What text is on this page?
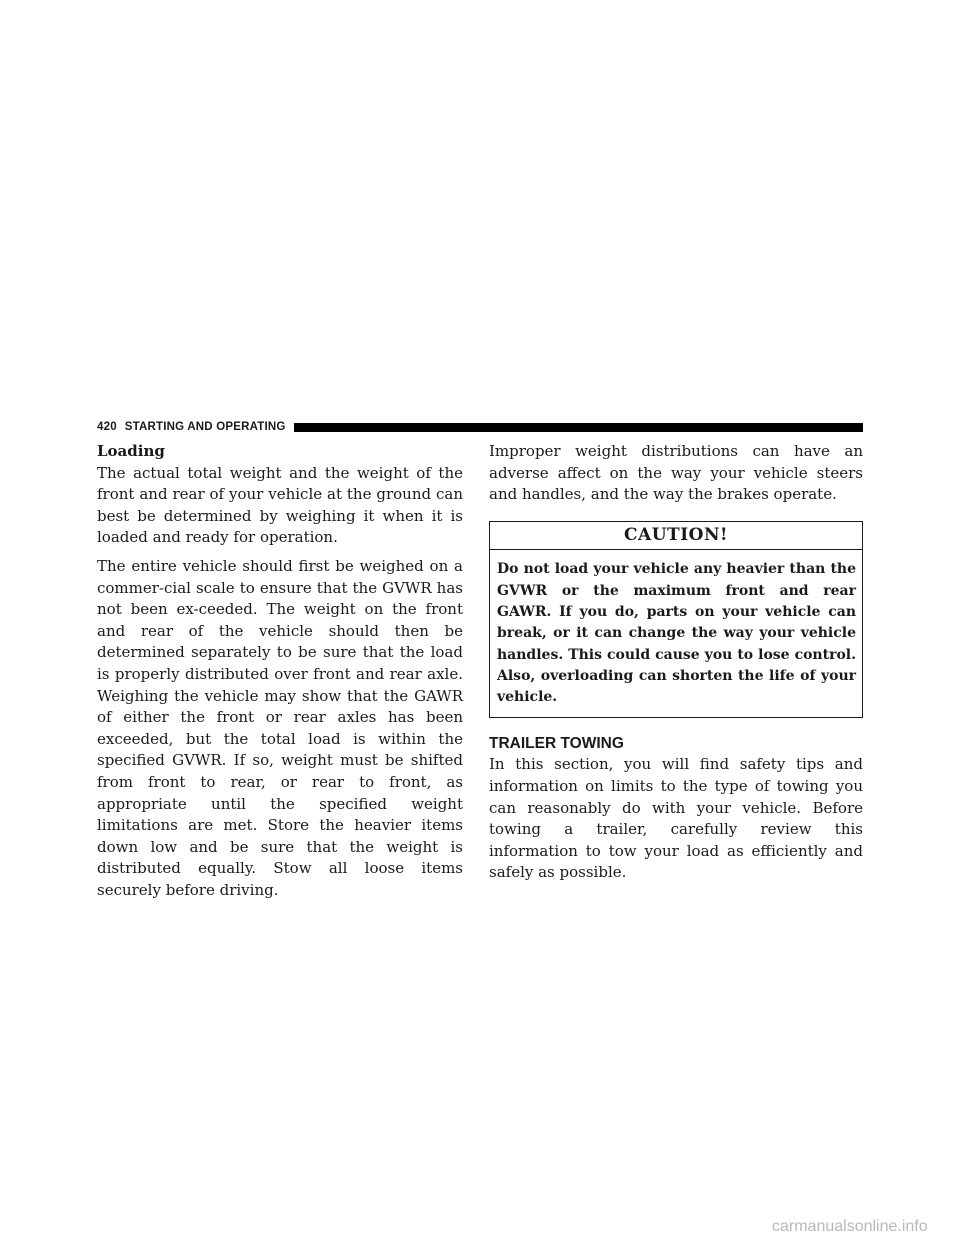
420 STARTING AND OPERATING
Loading

The actual total weight and the weight of the front and rear of your vehicle at the ground can best be determined by weighing it when it is loaded and ready for operation.

The entire vehicle should first be weighed on a commer-cial scale to ensure that the GVWR has not been ex-ceeded. The weight on the front and rear of the vehicle should then be determined separately to be sure that the load is properly distributed over front and rear axle. Weighing the vehicle may show that the GAWR of either the front or rear axles has been exceeded, but the total load is within the specified GVWR. If so, weight must be shifted from front to rear, or rear to front, as appropriate until the specified weight limitations are met. Store the heavier items down low and be sure that the weight is distributed equally. Stow all loose items securely before driving.

Improper weight distributions can have an adverse affect on the way your vehicle steers and handles, and the way the brakes operate.

CAUTION!
Do not load your vehicle any heavier than the GVWR or the maximum front and rear GAWR. If you do, parts on your vehicle can break, or it can change the way your vehicle handles. This could cause you to lose control. Also, overloading can shorten the life of your vehicle.
TRAILER TOWING

In this section, you will find safety tips and information on limits to the type of towing you can reasonably do with your vehicle. Before towing a trailer, carefully review this information to tow your load as efficiently and safely as possible.

carmanualsonline.info
